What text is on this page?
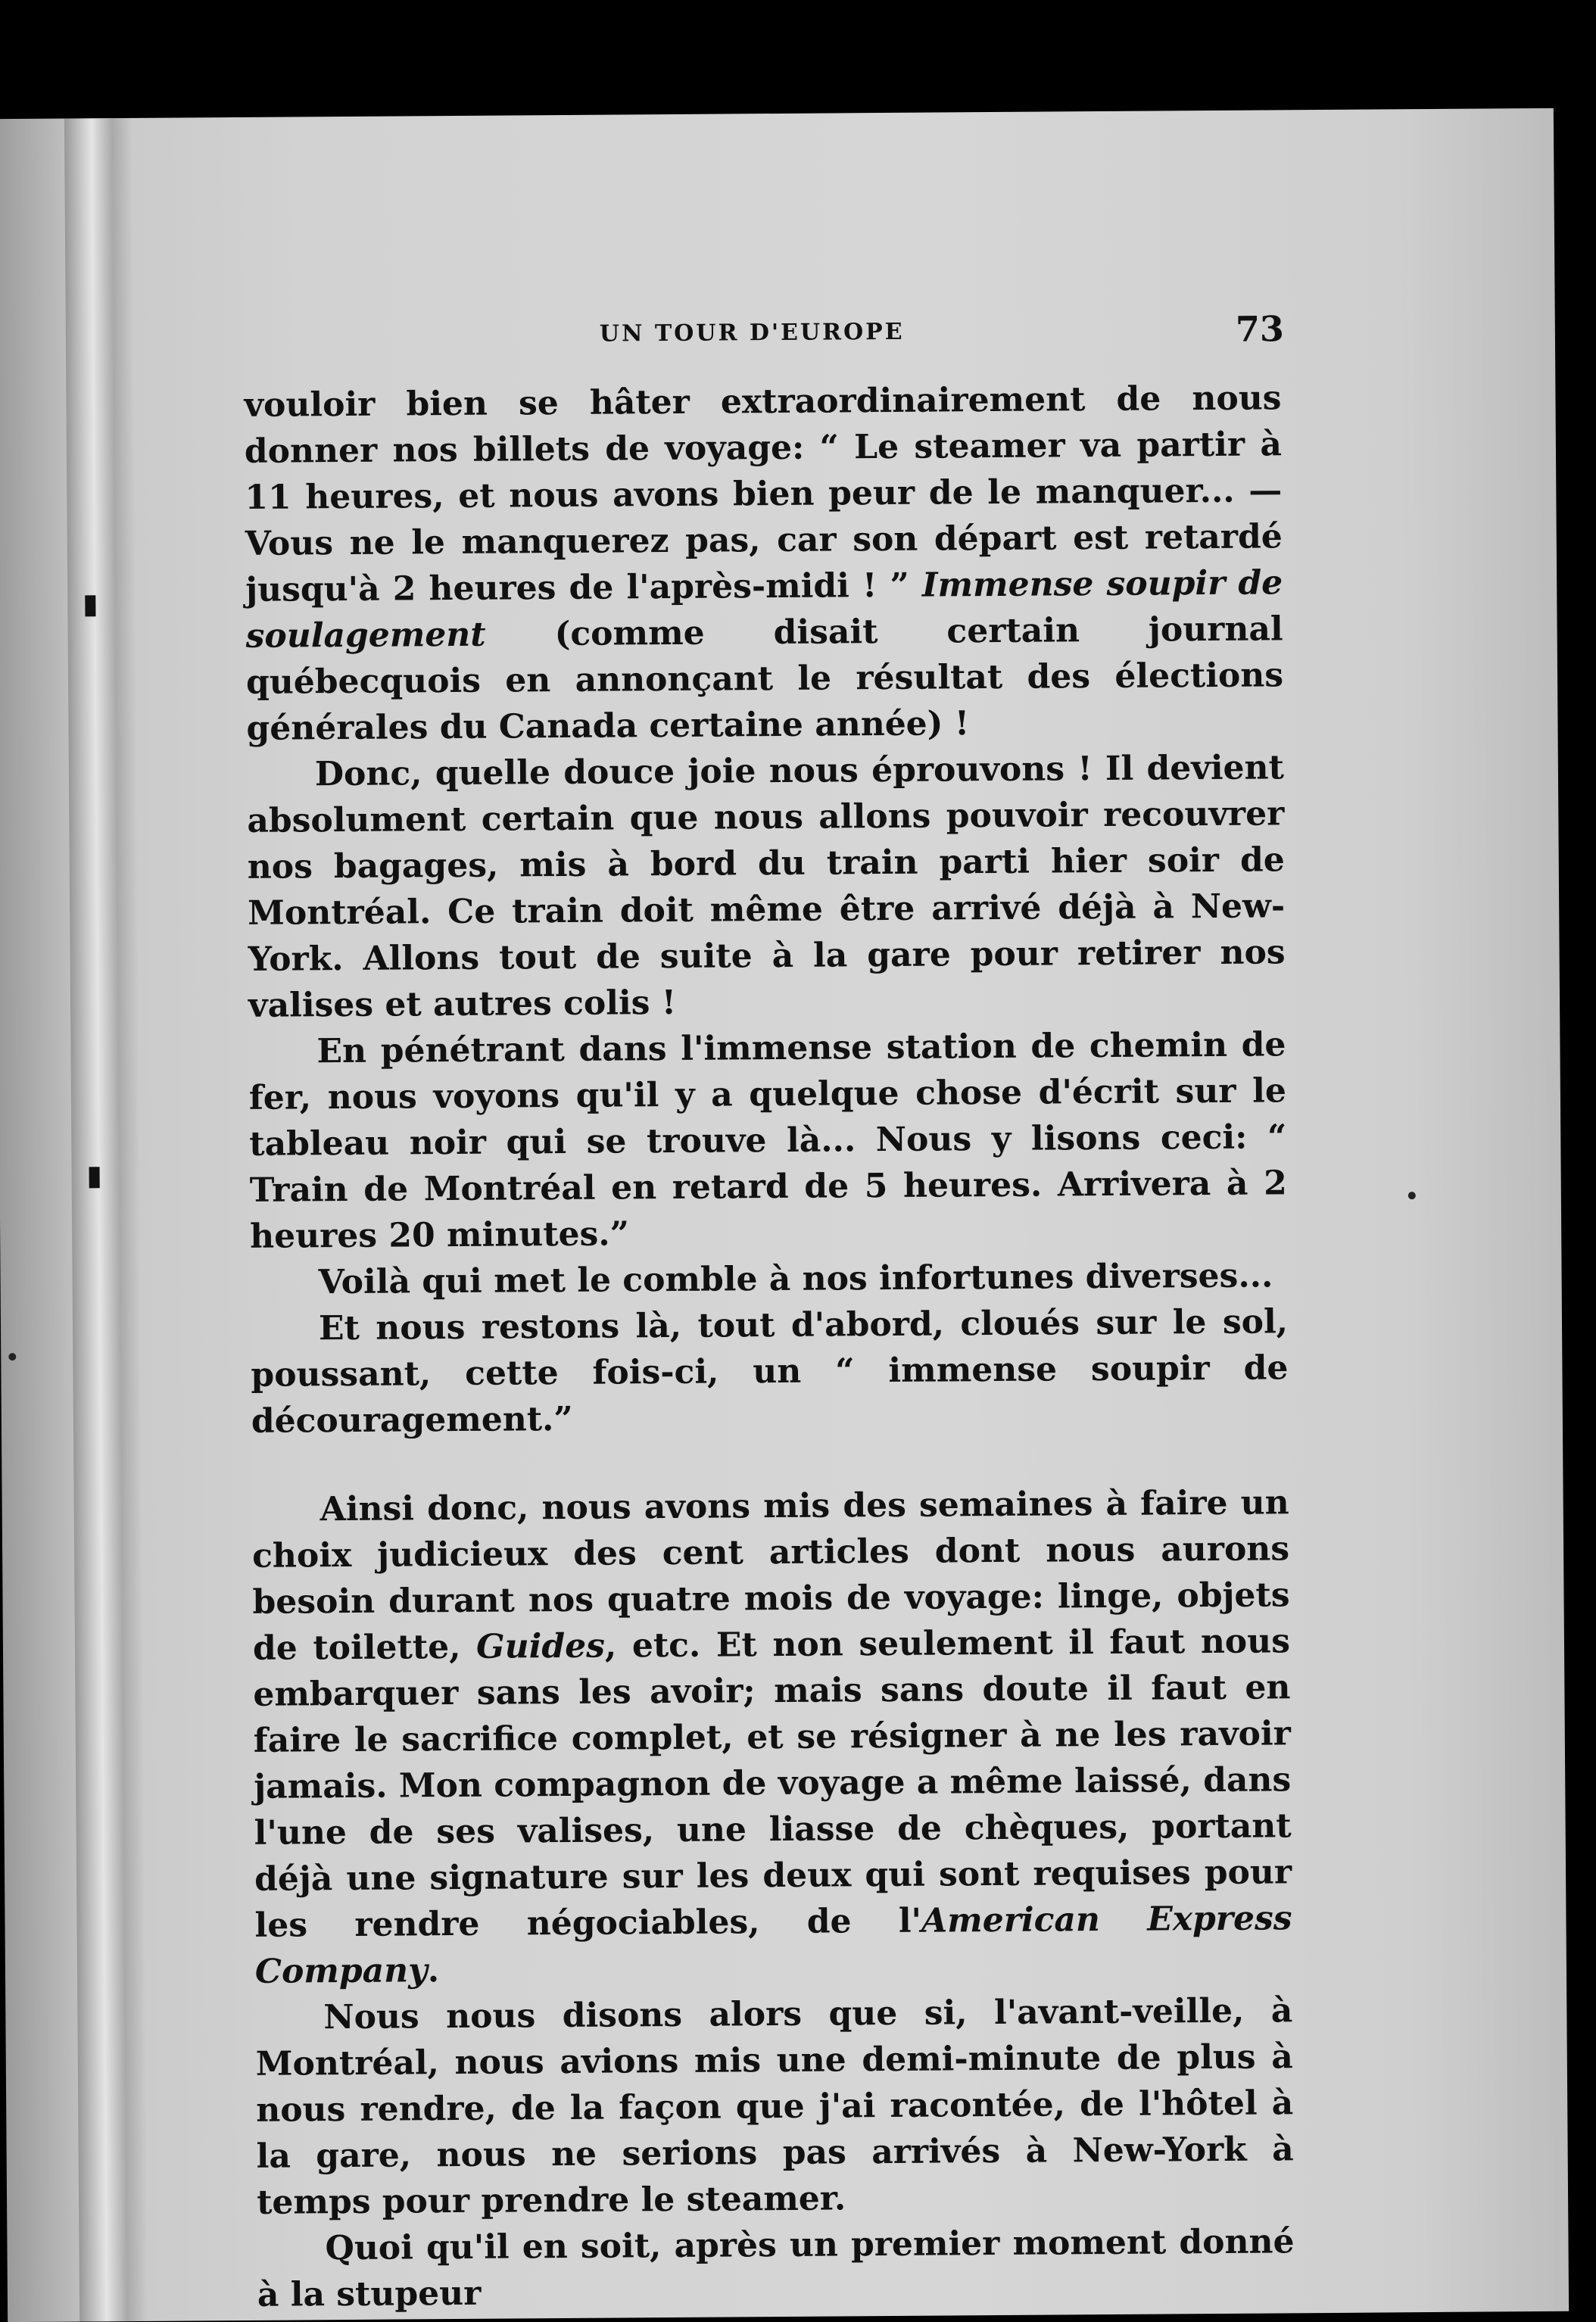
UN TOUR D'EUROPE	73

vouloir bien se hâter extraordinairement de nous donner nos billets de voyage: “ Le steamer va partir à 11 heures, et nous avons bien peur de le manquer... —Vous ne le manquerez pas, car son départ est retardé jusqu'à 2 heures de l'après-midi ! ” Immense soupir de soulagement (comme disait certain journal québecquois en annonçant le résultat des élections générales du Canada certaine année) !

Donc, quelle douce joie nous éprouvons ! Il devient absolument certain que nous allons pouvoir recouvrer nos bagages, mis à bord du train parti hier soir de Montréal. Ce train doit même être arrivé déjà à New-York. Allons tout de suite à la gare pour retirer nos valises et autres colis !

En pénétrant dans l'immense station de chemin de fer, nous voyons qu'il y a quelque chose d'écrit sur le tableau noir qui se trouve là... Nous y lisons ceci: “ Train de Montréal en retard de 5 heures. Arrivera à 2 heures 20 minutes.”

Voilà qui met le comble à nos infortunes diverses...

Et nous restons là, tout d'abord, cloués sur le sol, poussant, cette fois-ci, un “ immense soupir de découragement.”

Ainsi donc, nous avons mis des semaines à faire un choix judicieux des cent articles dont nous aurons besoin durant nos quatre mois de voyage: linge, objets de toilette, Guides, etc. Et non seulement il faut nous embarquer sans les avoir; mais sans doute il faut en faire le sacrifice complet, et se résigner à ne les ravoir jamais. Mon compagnon de voyage a même laissé, dans l'une de ses valises, une liasse de chèques, portant déjà une signature sur les deux qui sont requises pour les rendre négociables, de l'American Express Company.

Nous nous disons alors que si, l'avant-veille, à Montréal, nous avions mis une demi-minute de plus à nous rendre, de la façon que j'ai racontée, de l'hôtel à la gare, nous ne serions pas arrivés à New-York à temps pour prendre le steamer.

Quoi qu'il en soit, après un premier moment donné à la stupeur
